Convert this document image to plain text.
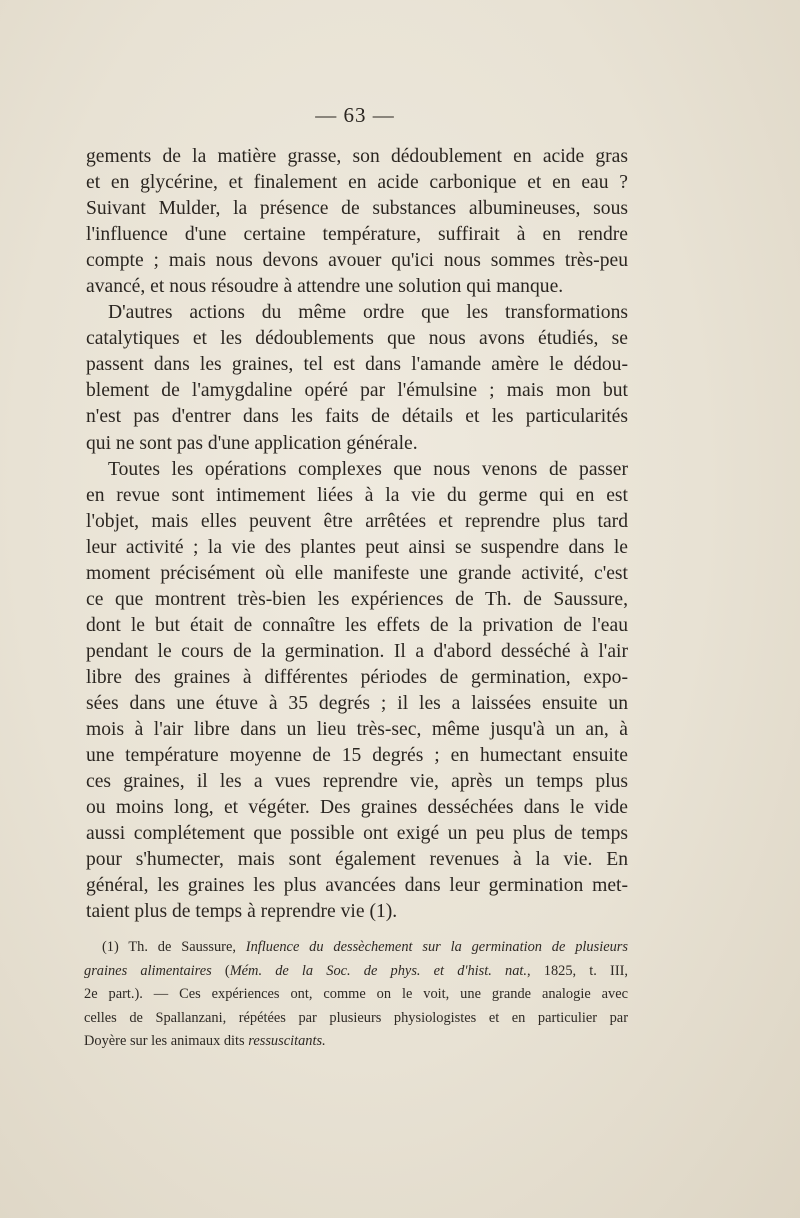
— 63 —
gements de la matière grasse, son dédoublement en acide gras
et en glycérine, et finalement en acide carbonique et en eau ?
Suivant Mulder, la présence de substances albumineuses, sous
l'influence d'une certaine température, suffirait à en rendre
compte ; mais nous devons avouer qu'ici nous sommes très-peu
avancé, et nous résoudre à attendre une solution qui manque.
D'autres actions du même ordre que les transformations
catalytiques et les dédoublements que nous avons étudiés, se
passent dans les graines, tel est dans l'amande amère le dédou-
blement de l'amygdaline opéré par l'émulsine ; mais mon but
n'est pas d'entrer dans les faits de détails et les particularités
qui ne sont pas d'une application générale.
Toutes les opérations complexes que nous venons de passer
en revue sont intimement liées à la vie du germe qui en est
l'objet, mais elles peuvent être arrêtées et reprendre plus tard
leur activité ; la vie des plantes peut ainsi se suspendre dans le
moment précisément où elle manifeste une grande activité, c'est
ce que montrent très-bien les expériences de Th. de Saussure,
dont le but était de connaître les effets de la privation de l'eau
pendant le cours de la germination. Il a d'abord desséché à l'air
libre des graines à différentes périodes de germination, expo-
sées dans une étuve à 35 degrés ; il les a laissées ensuite un
mois à l'air libre dans un lieu très-sec, même jusqu'à un an, à
une température moyenne de 15 degrés ; en humectant ensuite
ces graines, il les a vues reprendre vie, après un temps plus
ou moins long, et végéter. Des graines desséchées dans le vide
aussi complétement que possible ont exigé un peu plus de temps
pour s'humecter, mais sont également revenues à la vie. En
général, les graines les plus avancées dans leur germination met-
taient plus de temps à reprendre vie (1).
(1) Th. de Saussure, Influence du dessèchement sur la germination de plusieurs
graines alimentaires (Mém. de la Soc. de phys. et d'hist. nat., 1825, t. III,
2e part.). — Ces expériences ont, comme on le voit, une grande analogie avec
celles de Spallanzani, répétées par plusieurs physiologistes et en particulier par
Doyère sur les animaux dits ressuscitants.
